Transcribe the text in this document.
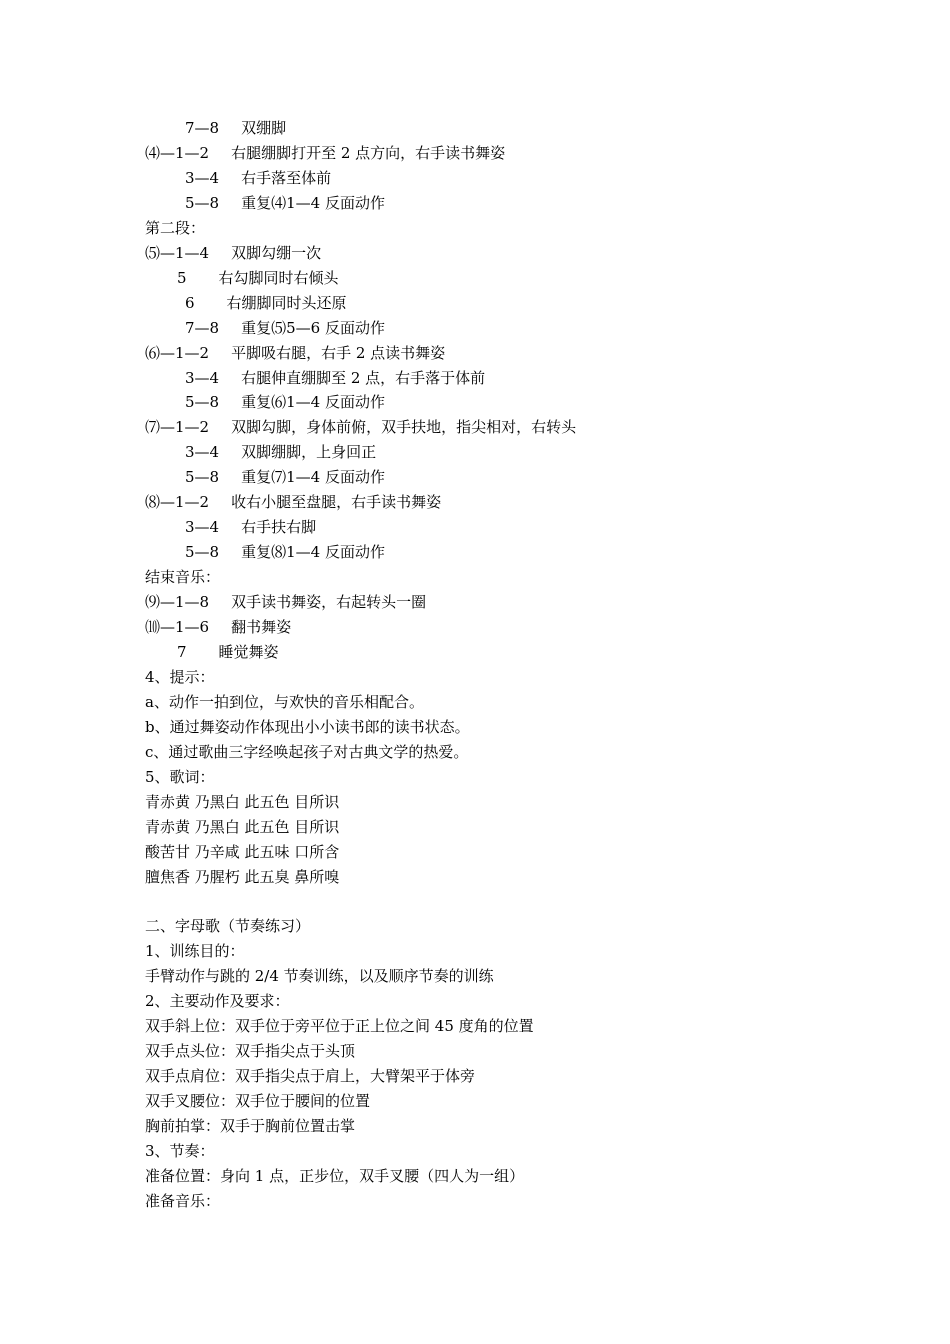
7—8 双绷脚
⑷—1—2 右腿绷脚打开至 2 点方向，右手读书舞姿
3—4 右手落至体前
5—8 重复⑷1—4 反面动作
第二段：
⑸—1—4 双脚勾绷一次
5 右勾脚同时右倾头
6 右绷脚同时头还原
7—8 重复⑸5—6 反面动作
⑹—1—2 平脚吸右腿，右手 2 点读书舞姿
3—4 右腿伸直绷脚至 2 点，右手落于体前
5—8 重复⑹1—4 反面动作
⑺—1—2 双脚勾脚，身体前俯，双手扶地，指尖相对，右转头
3—4 双脚绷脚，上身回正
5—8 重复⑺1—4 反面动作
⑻—1—2 收右小腿至盘腿，右手读书舞姿
3—4 右手扶右脚
5—8 重复⑻1—4 反面动作
结束音乐：
⑼—1—8 双手读书舞姿，右起转头一圈
⑽—1—6 翻书舞姿
7 睡觉舞姿
4、提示：
a、动作一拍到位，与欢快的音乐相配合。
b、通过舞姿动作体现出小小读书郎的读书状态。
c、通过歌曲三字经唤起孩子对古典文学的热爱。
5、歌词：
青赤黄 乃黑白 此五色 目所识
青赤黄 乃黑白 此五色 目所识
酸苦甘 乃辛咸 此五味 口所含
膻焦香 乃腥朽 此五臭 鼻所嗅
二、字母歌（节奏练习）
1、训练目的：
手臂动作与跳的 2/4 节奏训练，以及顺序节奏的训练
2、主要动作及要求：
双手斜上位：双手位于旁平位于正上位之间 45 度角的位置
双手点头位：双手指尖点于头顶
双手点肩位：双手指尖点于肩上，大臂架平于体旁
双手叉腰位：双手位于腰间的位置
胸前拍掌：双手于胸前位置击掌
3、节奏：
准备位置：身向 1 点，正步位，双手叉腰（四人为一组）
准备音乐：
